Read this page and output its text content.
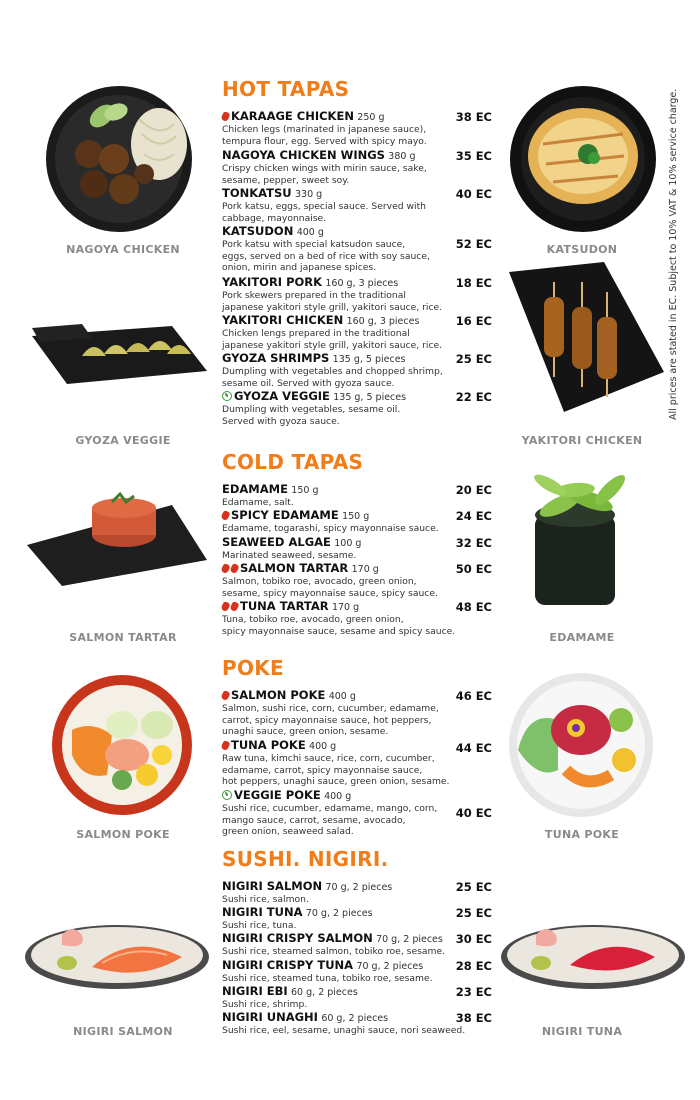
All prices are stated in EC. Subject to 10% VAT & 10% service charge.
HOT TAPAS
KARAAGE CHICKEN 250 g
Chicken legs (marinated in japanese sauce),
tempura flour, egg. Served with spicy mayo.
38 EC
NAGOYA CHICKEN WINGS 380 g
Crispy chicken wings with mirin sauce, sake,
sesame, pepper, sweet soy.
35 EC
TONKATSU 330 g
Pork katsu, eggs, special sauce. Served with
cabbage, mayonnaise.
40 EC
KATSUDON 400 g
Pork katsu with special katsudon sauce,
eggs, served on a bed of rice with soy sauce,
onion, mirin and japanese spices.
52 EC
YAKITORI PORK 160 g, 3 pieces
Pork skewers prepared in the traditional
japanese yakitori style grill, yakitori sauce, rice.
18 EC
YAKITORI CHICKEN 160 g, 3 pieces
Chicken lengs prepared in the traditional
japanese yakitori style grill, yakitori sauce, rice.
16 EC
GYOZA SHRIMPS 135 g, 5 pieces
Dumpling with vegetables and chopped shrimp,
sesame oil. Served with gyoza sauce.
25 EC
GYOZA VEGGIE 135 g, 5 pieces
Dumpling with vegetables, sesame oil.
Served with gyoza sauce.
22 EC
COLD TAPAS
EDAMAME 150 g
Edamame, salt.
20 EC
SPICY EDAMAME 150 g
Edamame, togarashi, spicy mayonnaise sauce.
24 EC
SEAWEED ALGAE 100 g
Marinated seaweed, sesame.
32 EC
SALMON TARTAR 170 g
Salmon, tobiko roe, avocado, green onion,
sesame, spicy mayonnaise sauce, spicy sauce.
50 EC
TUNA TARTAR 170 g
Tuna, tobiko roe, avocado, green onion,
spicy mayonnaise sauce, sesame and spicy sauce.
48 EC
POKE
SALMON POKE 400 g
Salmon, sushi rice, corn, cucumber, edamame,
carrot, spicy mayonnaise sauce, hot peppers,
unaghi sauce, green onion, sesame.
46 EC
TUNA POKE 400 g
Raw tuna, kimchi sauce, rice, corn, cucumber,
edamame, carrot, spicy mayonnaise sauce,
hot peppers, unaghi sauce, green onion, sesame.
44 EC
VEGGIE POKE 400 g
Sushi rice, cucumber, edamame, mango, corn,
mango sauce, carrot, sesame, avocado,
green onion, seaweed salad.
40 EC
SUSHI. NIGIRI.
NIGIRI SALMON 70 g, 2 pieces
Sushi rice, salmon.
25 EC
NIGIRI TUNA 70 g, 2 pieces
Sushi rice, tuna.
25 EC
NIGIRI CRISPY SALMON 70 g, 2 pieces
Sushi rice, steamed salmon, tobiko roe, sesame.
30 EC
NIGIRI CRISPY TUNA 70 g, 2 pieces
Sushi rice, steamed tuna, tobiko roe, sesame.
28 EC
NIGIRI EBI 60 g, 2 pieces
Sushi rice, shrimp.
23 EC
NIGIRI UNAGHI 60 g, 2 pieces
Sushi rice, eel, sesame, unaghi sauce, nori seaweed.
38 EC
NAGOYA CHICKEN	KATSUDON
GYOZA VEGGIE	YAKITORI CHICKEN
SALMON TARTAR	EDAMAME
SALMON POKE	TUNA POKE
NIGIRI SALMON	NIGIRI TUNA
